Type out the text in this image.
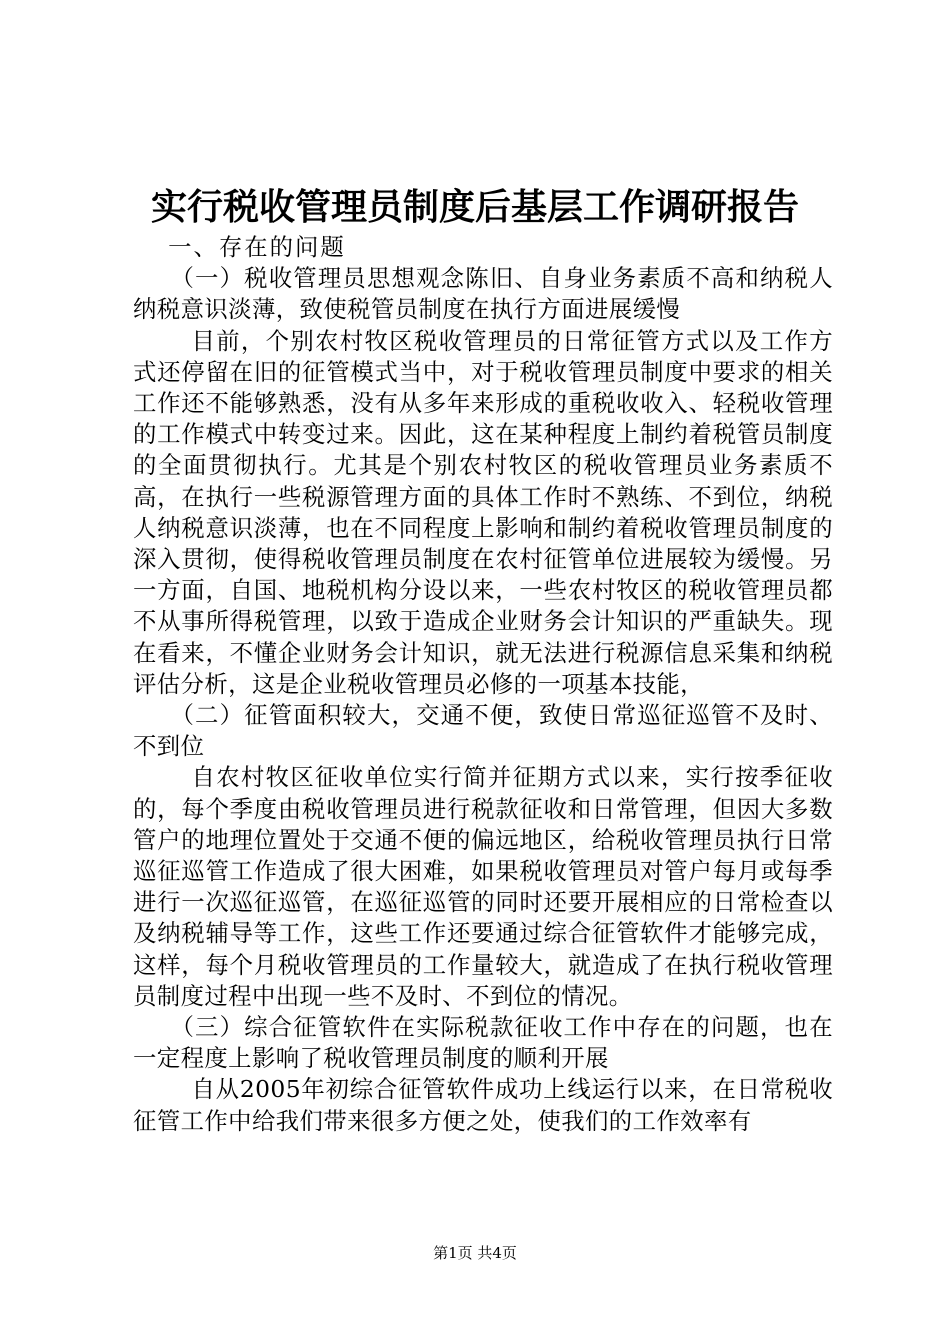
实行税收管理员制度后基层工作调研报告

一、存在的问题

（一）税收管理员思想观念陈旧、自身业务素质不高和纳税人纳税意识淡薄，致使税管员制度在执行方面进展缓慢

目前，个别农村牧区税收管理员的日常征管方式以及工作方式还停留在旧的征管模式当中，对于税收管理员制度中要求的相关工作还不能够熟悉，没有从多年来形成的重税收收入、轻税收管理的工作模式中转变过来。因此，这在某种程度上制约着税管员制度的全面贯彻执行。尤其是个别农村牧区的税收管理员业务素质不高，在执行一些税源管理方面的具体工作时不熟练、不到位，纳税人纳税意识淡薄，也在不同程度上影响和制约着税收管理员制度的深入贯彻，使得税收管理员制度在农村征管单位进展较为缓慢。另一方面，自国、地税机构分设以来，一些农村牧区的税收管理员都不从事所得税管理，以致于造成企业财务会计知识的严重缺失。现在看来，不懂企业财务会计知识，就无法进行税源信息采集和纳税评估分析，这是企业税收管理员必修的一项基本技能，

（二）征管面积较大，交通不便，致使日常巡征巡管不及时、不到位

自农村牧区征收单位实行简并征期方式以来，实行按季征收的，每个季度由税收管理员进行税款征收和日常管理，但因大多数管户的地理位置处于交通不便的偏远地区，给税收管理员执行日常巡征巡管工作造成了很大困难，如果税收管理员对管户每月或每季进行一次巡征巡管，在巡征巡管的同时还要开展相应的日常检查以及纳税辅导等工作，这些工作还要通过综合征管软件才能够完成，这样，每个月税收管理员的工作量较大，就造成了在执行税收管理员制度过程中出现一些不及时、不到位的情况。

（三）综合征管软件在实际税款征收工作中存在的问题，也在一定程度上影响了税收管理员制度的顺利开展

自从2005年初综合征管软件成功上线运行以来，在日常税收征管工作中给我们带来很多方便之处，使我们的工作效率有

第1页 共4页
